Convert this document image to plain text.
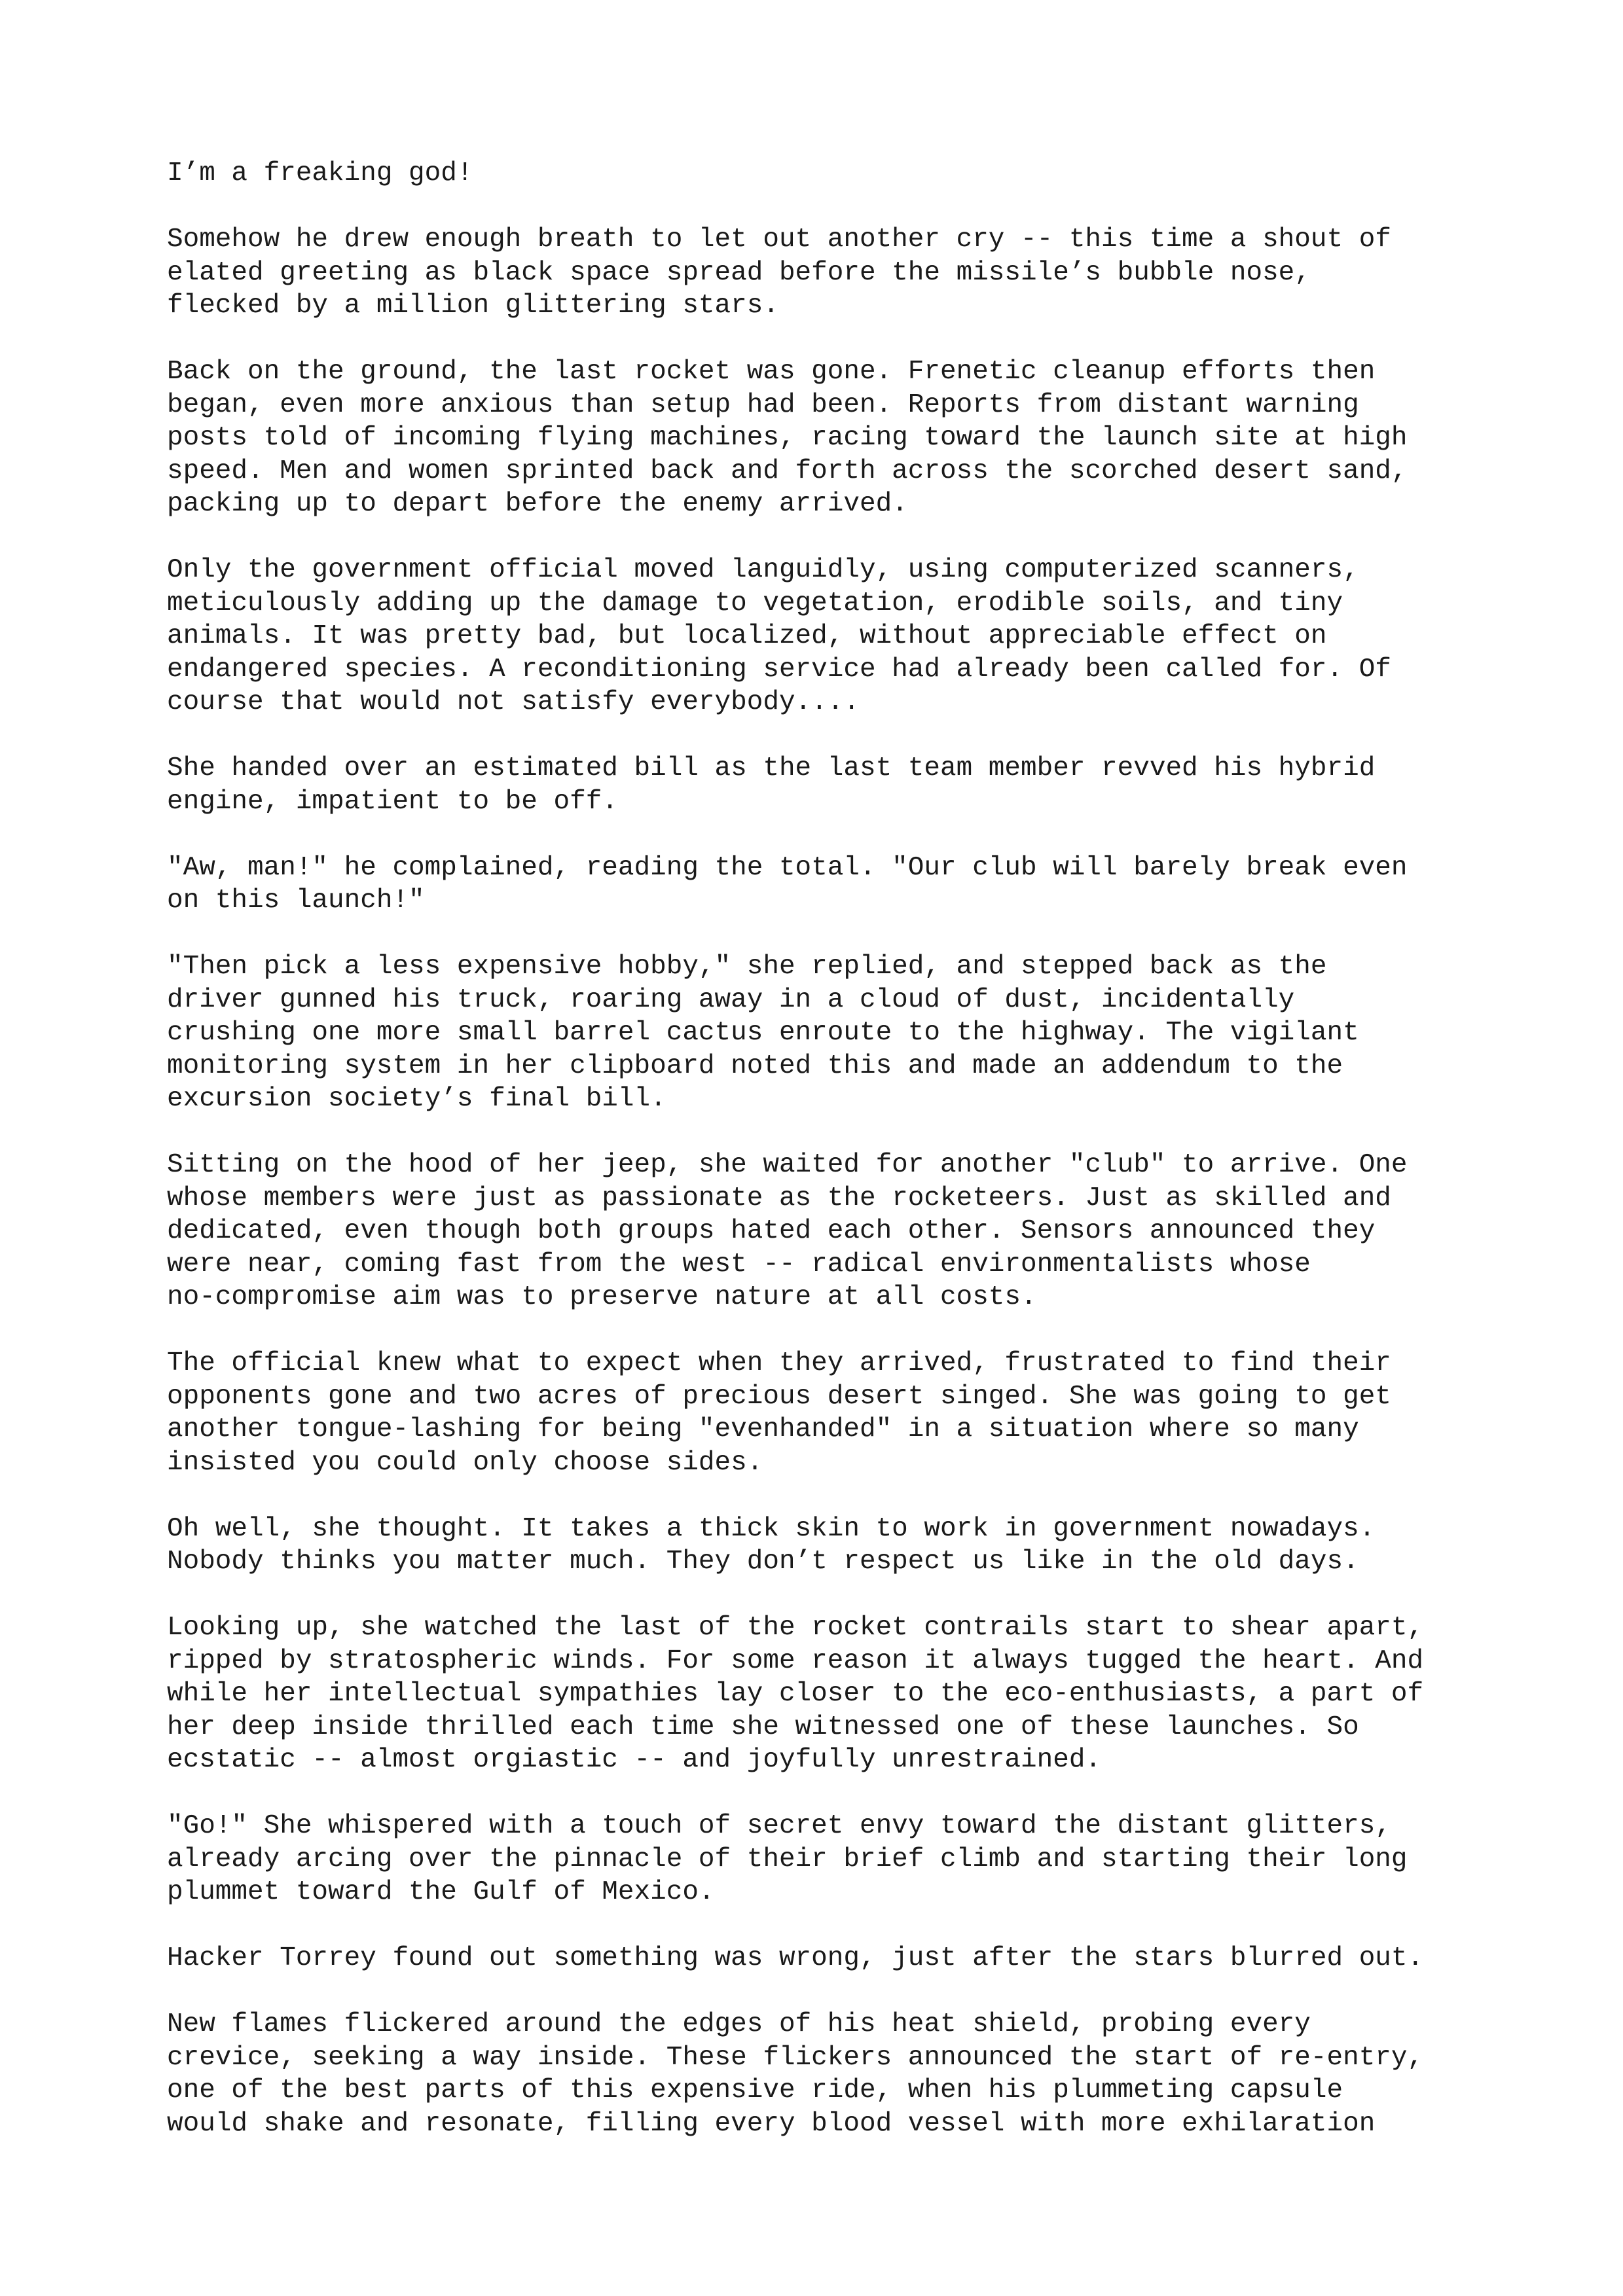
I’m a freaking god!

Somehow he drew enough breath to let out another cry -- this time a shout of
elated greeting as black space spread before the missile’s bubble nose,
flecked by a million glittering stars.

Back on the ground, the last rocket was gone. Frenetic cleanup efforts then
began, even more anxious than setup had been. Reports from distant warning
posts told of incoming flying machines, racing toward the launch site at high
speed. Men and women sprinted back and forth across the scorched desert sand,
packing up to depart before the enemy arrived.

Only the government official moved languidly, using computerized scanners,
meticulously adding up the damage to vegetation, erodible soils, and tiny
animals. It was pretty bad, but localized, without appreciable effect on
endangered species. A reconditioning service had already been called for. Of
course that would not satisfy everybody....

She handed over an estimated bill as the last team member revved his hybrid
engine, impatient to be off.

"Aw, man!" he complained, reading the total. "Our club will barely break even
on this launch!"

"Then pick a less expensive hobby," she replied, and stepped back as the
driver gunned his truck, roaring away in a cloud of dust, incidentally
crushing one more small barrel cactus enroute to the highway. The vigilant
monitoring system in her clipboard noted this and made an addendum to the
excursion society’s final bill.

Sitting on the hood of her jeep, she waited for another "club" to arrive. One
whose members were just as passionate as the rocketeers. Just as skilled and
dedicated, even though both groups hated each other. Sensors announced they
were near, coming fast from the west -- radical environmentalists whose
no-compromise aim was to preserve nature at all costs.

The official knew what to expect when they arrived, frustrated to find their
opponents gone and two acres of precious desert singed. She was going to get
another tongue-lashing for being "evenhanded" in a situation where so many
insisted you could only choose sides.

Oh well, she thought. It takes a thick skin to work in government nowadays.
Nobody thinks you matter much. They don’t respect us like in the old days.

Looking up, she watched the last of the rocket contrails start to shear apart,
ripped by stratospheric winds. For some reason it always tugged the heart. And
while her intellectual sympathies lay closer to the eco-enthusiasts, a part of
her deep inside thrilled each time she witnessed one of these launches. So
ecstatic -- almost orgiastic -- and joyfully unrestrained.

"Go!" She whispered with a touch of secret envy toward the distant glitters,
already arcing over the pinnacle of their brief climb and starting their long
plummet toward the Gulf of Mexico.

Hacker Torrey found out something was wrong, just after the stars blurred out.

New flames flickered around the edges of his heat shield, probing every
crevice, seeking a way inside. These flickers announced the start of re-entry,
one of the best parts of this expensive ride, when his plummeting capsule
would shake and resonate, filling every blood vessel with more exhilaration
